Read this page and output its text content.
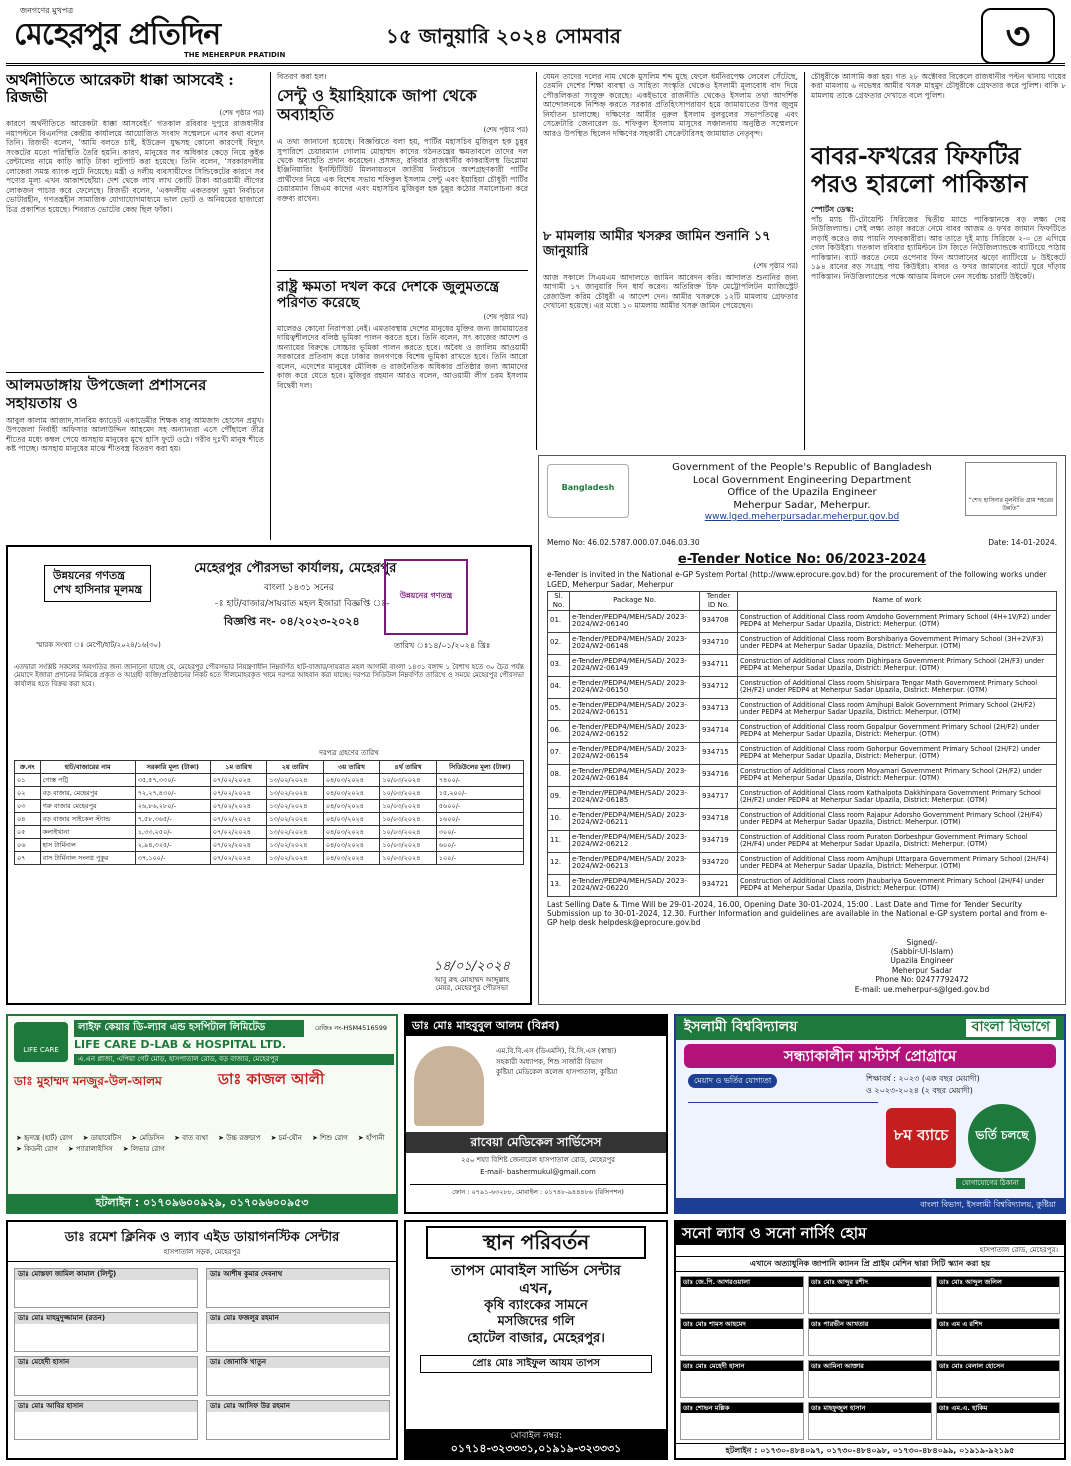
জনগণের মুখপত্র
মেহেরপুর প্রতিদিন
THE MEHERPUR PRATIDIN
১৫ জানুয়ারি ২০২৪ সোমবার	৩
অর্থনীতিতে আরেকটা ধাক্কা আসবেই : রিজভী
(শেষ পৃষ্ঠার পর)
কারণে অর্থনীতিতে আরেকটা ধাক্কা আসবেই।’ গতকাল রবিবার দুপুরে রাজধানীর নয়াপল্টনে বিএনপির কেন্দ্রীয় কার্যালয়ে আয়োজিত সংবাদ সম্মেলনে এসব কথা বলেন তিনি। রিজভী বলেন, ‘আমি বলতে চাই, ইউক্রেন যুদ্ধসহ কোনো কারণেই বিদ্যুৎ সংকটের মতো পরিস্থিতি তৈরি হয়নি। কারণ, মানুষের সব অধিকার কেড়ে নিয়ে কুইক রেন্টালের নামে কাড়ি কাড়ি টাকা লুটপাট করা হয়েছে। তিনি বলেন, ‘সরকারদলীয় লোকেরা সমস্ত ব্যাংক লুটে নিয়েছে। মন্ত্রী ও দলীয় ব্যবসায়ীদের সিন্ডিকেটের কারণে সব পণ্যের মূল্য এখন আকাশছোঁয়া। দেশ থেকে লাখ লাখ কোটি টাকা আওয়ামী লীগের লোকজন পাচার করে ফেলেছে। রিজভী বলেন, ‘একদলীয় একতরফা ভুয়া নির্বাচনে ভোটারহীন, গণতন্ত্রহীন সামাজিক যোগাযোগমাধ্যমে ভাল ভোট ও অনিয়মের হাজারো চিত্র প্রকাশিত হয়েছে। শিবরাত ভোটের কেন্দ্র ছিল ফাঁকা।
আলমডাঙ্গায় উপজেলা প্রশাসনের সহায়তায় ও
আবুল কালাম আজাদ,সানবিম ক্যাডেট একাডেমীর শিক্ষক বাবু আমজাদ হোসেন প্রমুখ। উপজেলা নির্বাহী অফিসার আলাউদ্দিন আহমেদ সহ অন্যান্যরা এসে পৌঁছালে তীব্র শীতের মধ্যে কম্বল পেয়ে অসহায় মানুষের মুখে হাসি ফুটে ওঠে। গরীব দুঃখী মানুষ শীতে কষ্ট পাচ্ছে। অসহায় মানুষের মাঝে শীতবস্ত্র বিতরণ করা হয়।
বিতরণ করা হল।
সেন্টু ও ইয়াহিয়াকে জাপা থেকে অব্যাহতি
(শেষ পৃষ্ঠার পর)
এ তথ্য জানানো হয়েছে। বিজ্ঞপ্তিতে বলা হয়, পার্টির মহাসচিব মুজিবুল হক চুন্নুর সুপারিশে চেয়ারম্যান গোলাম মোহাম্মদ কাদের গঠনতন্ত্রের ক্ষমতাবলে তাদের দল থেকে অব্যাহতি প্রদান করেছেন। প্রসঙ্গত, রবিবার রাজধানীর কাকরাইলস্থ ডিপ্লোমা ইঞ্জিনিয়ারিং ইনস্টিটিউট মিলনায়তনে জাতীয় নির্বাচনে অংশগ্রহণকারী পার্টির প্রার্থীদের নিয়ে এক বিশেষ সভায় শফিকুল ইসলাম সেন্টু এবং ইয়াহিয়া চৌধুরী পার্টির চেয়ারম্যান জিএম কাদের এবং মহাসচিব মুজিবুল হক চুন্নুর কঠোর সমালোচনা করে বক্তব্য রাখেন।
রাষ্ট্র ক্ষমতা দখল করে দেশকে জুলুমতন্ত্রে পরিণত করেছে
(শেষ পৃষ্ঠার পর)
মালেরও কোনো নিরাপত্তা নেই। এমতাবস্থায় দেশের মানুষের মুক্তির জন্য জামায়াতের দায়িত্বশীলদের বলিষ্ঠ ভূমিকা পালন করতে হবে। তিনি বলেন, সৎ কাজের আদেশ ও অন্যায়ের বিরুদ্ধে সোচ্চার ভূমিকা পালন করতে হবে। অবৈধ ও জালিম আওয়ামী সরকারের প্রতিবাদ করে ঢাকার জনগণকে বিশেষ ভূমিকা রাখতে হবে। তিনি আরো বলেন, এদেশের মানুষের মৌলিক ও রাজনৈতিক অধিকার প্রতিষ্ঠার জন্য আমাদের কাজ করে যেতে হবে। মুজিবুর রহমান আরও বলেন, আওয়ামী লীগ চরম ইসলাম বিদ্বেষী দল।
যেমন তাদের দলের নাম থেকে মুসলিম শব্দ মুছে ফেলে ধর্মনিরপেক্ষ লেবেল সেঁটেছে, তেমনি দেশের শিক্ষা ব্যবস্থা ও সাহিত্য সংস্কৃতি থেকেও ইসলামী মূল্যবোধ বাদ দিয়ে পৌত্তলিকতা সংযুক্ত করেছে। একইভাবে রাজনীতি থেকেও ইসলাম তথা আদর্শিক আন্দোলনকে নিশ্চিহ্ন করতে সরকার প্রতিহিংসাপরায়ণ হয়ে জামায়াতের উপর জুলুম নির্যাতন চালাচ্ছে। দক্ষিণের আমীর নুরুল ইসলাম বুলবুলের সভাপতিত্বে এবং সেক্রেটারি জেনারেল ড. শফিকুল ইসলাম মাসুদের সঞ্চালনায় অনুষ্ঠিত সম্মেলনে আরও উপস্থিত ছিলেন দক্ষিণের সহকারী সেক্রেটারিসহ জামায়াত নেতৃবৃন্দ।
৮ মামলায় আমীর খসরুর জামিন শুনানি ১৭ জানুয়ারি
(শেষ পৃষ্ঠার পর)
আজ সকালে সিএমএম আদালতে জামিন আবেদন করি। আদালত শুনানির জন্য আগামী ১৭ জানুয়ারি দিন ধার্য করেন। অতিরিক্ত চিফ মেট্রোপলিটন ম্যাজিস্ট্রেট রেজাউল করিম চৌধুরী এ আদেশ দেন। আমীর খসরুকে ১২টি মামলায় গ্রেফতার দেখানো হয়েছে। এর মধ্যে ১০ মামলায় আমীর খসরু জামিন পেয়েছেন।
চৌধুরীকে আসামি করা হয়। গত ২৮ অক্টোবর বিকেলে রাজধানীর পল্টন থানায় দায়ের করা মামলায় ৬ নভেম্বর আমীর খসরু মাহমুদ চৌধুরীকে গ্রেফতার করে পুলিশ। বাকি ৮ মামলায় তাকে গ্রেফতার দেখাতে বলে পুলিশ।
বাবর-ফখরের ফিফটির পরও হারলো পাকিস্তান
স্পোর্টস ডেস্ক:
পাঁচ ম্যাচ টি-টোয়েন্টি সিরিজের দ্বিতীয় ম্যাচে পাকিস্তানকে বড় লক্ষ্য দেয় নিউজিল্যান্ড। সেই লক্ষ্য তাড়া করতে নেমে বাবর আজম ও ফখর জামান ফিফটিতে লড়াই করেও জয় পায়নি সফরকারীরা। আর তাতে দুই ম্যাচ সিরিজে ২-০ তে এগিয়ে গেল কিউইরা। গতকাল রবিবার হ্যামিল্টনে টস জিতে নিউজিল্যান্ডকে ব্যাটিংয়ে পাঠায় পাকিস্তান। ব্যাট করতে নেমে ওপেনার ফিন অ্যালানের ঝড়ো ব্যাটিংয়ে ৮ উইকেটে ১৯৪ রানের বড় সংগ্রহ পায় কিউইরা। বাবর ও ফখর জামানের ব্যাটে ঘুরে দাঁড়ায় পাকিস্তান। নিউজিল্যান্ডের পক্ষে আডাম মিলনে নেন সর্বোচ্চ চারটি উইকেট।
উন্নয়নের গণতন্ত্র
শেখ হাসিনার মূলমন্ত্র
মেহেরপুর পৌরসভা কার্যালয়, মেহেরপুর
বাংলা ১৪৩১ সনের
-ঃ হাট/বাজার/সায়রাত মহল ইজারা বিজ্ঞপ্তি ঃ-
বিজ্ঞপ্তি নং- ০৪/২০২৩-২০২৪
উন্নয়নের গণতন্ত্র
স্মারক সংখ্যা ঃ মেপৌ/হাট/২০২৪/১৬(৩০)	তারিখ ঃ১৪/০১/২০২৪ খ্রিঃ
এতদ্বারা সংশ্লিষ্ট সকলের অবগতির জন্য জানানো যাচ্ছে যে, মেহেরপুর পৌরসভার নিয়ন্ত্রণাধীন নিম্নবর্ণিত হাট-বাজার/সায়রাত মহল আগামী বাংলা ১৪৩১ বঙ্গাব্দ ১ বৈশাখ হতে ৩০ চৈত্র পর্যন্ত মেয়াদে ইজারা প্রদানের নিমিত্তে প্রকৃত ও আগ্রহী ব্যক্তি/প্রতিষ্ঠানের নিকট হতে সীলমোহরকৃত খামে দরপত্র আহবান করা যাচ্ছে। দরপত্র সিডিউল নিম্নবর্ণিত তারিখে ও সময়ে মেহেরপুর পৌরসভা কার্যালয় হতে বিক্রয় করা হবে।
দরপত্র গ্রহণের তারিখ
ক্র.নং	হাট/বাজারের নাম	সরকারি মূল্য (টাকা)	১ম তারিখ	২য় তারিখ	৩য় তারিখ	৪র্থ তারিখ	সিডিউলের মূল্য (টাকা)
০১	গোস্ত পট্টি	৩৫,৫৭,৩৩০/-	০৭/০২/২০২৪	১৩/০২/২০২৪	০৪/০৩/২০২৪	১০/০৩/২০২৪	৭৪০০/-
০২	বড় বাজার, মেহেরপুর	৭২,২৭,৪৩০/-	০৭/০২/২০২৪	১৩/০২/২০২৪	০৪/০৩/২০২৪	১০/০৩/২০২৪	১৫,২০০/-
০৩	গরু বাজার মেহেরপুর	২৬,৮৬,২৮০/-	০৭/০২/২০২৪	১৩/০২/২০২৪	০৪/০৩/২০২৪	১০/০৩/২০২৪	৫৬০০/-
০৪	বড় বাজার সাইকেল স্ট্যান্ড	৭,৫৮,৩৬৫/-	০৭/০২/২০২৪	১৩/০২/২০২৪	০৪/০৩/২০২৪	১০/০৩/২০২৪	১৬০০/-
০৫	কলাইখানা	১,৩৩,২৫০/-	০৭/০২/২০২৪	১৩/০২/২০২৪	০৪/০৩/২০২৪	১০/০৩/২০২৪	৩০০/-
০৬	হাস টার্মিনাল	২,৯৪,৩২৫/-	০৭/০২/২০২৪	১৩/০২/২০২৪	০৪/০৩/২০২৪	১০/০৩/২০২৪	৬০০/-
০৭	বাস টার্মিনাল সংলগ্ন পুকুর	৩৭,১০০/-	০৭/০২/২০২৪	১৩/০২/২০২৪	০৪/০৩/২০২৪	১০/০৩/২০২৪	১০০/-
১৪/০১/২০২৪
আবু রুহ মোহাম্মদ আব্দুল্লাহ
মেয়র, মেহেরপুর পৌরসভা
Bangladesh
Government of the People's Republic of Bangladesh
Local Government Engineering Department
Office of the Upazila Engineer
Meherpur Sadar, Meherpur.
www.lged.meherpursadar.meherpur.gov.bd
“শেখ হাসিনার মূলনীতি গ্রাম শহরের উন্নতি”
Memo No: 46.02.5787.000.07.046.03.30	Date: 14-01-2024.
e-Tender Notice No: 06/2023-2024
e-Tender is invited in the National e-GP System Portal (http://www.eprocure.gov.bd) for the procurement of the following works under LGED, Meherpur Sadar, Meherpur
Sl. No.	Package No.	Tender ID No.	Name of work
01.	e-Tender/PEDP4/MEH/SAD/ 2023-2024/W2-06140	934708	Construction of Additional Class room Amdoho Government Primary School (4H+1V/F2) under PEDP4 at Meherpur Sadar Upazila, District: Meherpur. (OTM)
02.	e-Tender/PEDP4/MEH/SAD/ 2023-2024/W2-06148	934710	Construction of Additional Class room Borshibariya Government Primary School (3H+2V/F3) under PEDP4 at Meherpur Sadar Upazila, District: Meherpur. (OTM)
03.	e-Tender/PEDP4/MEH/SAD/ 2023-2024/W2-06149	934711	Construction of Additional Class room Dighirpara Government Primary School (2H/F3) under PEDP4 at Meherpur Sadar Upazila, District: Meherpur. (OTM)
04.	e-Tender/PEDP4/MEH/SAD/ 2023-2024/W2-06150	934712	Construction of Additional Class room Shisirpara Tengar Math Government Primary School (2H/F2) under PEDP4 at Meherpur Sadar Upazila, District: Meherpur. (OTM)
05.	e-Tender/PEDP4/MEH/SAD/ 2023-2024/W2-06151	934713	Construction of Additional Class room Amjhupi Balok Government Primary School (2H/F2) under PEDP4 at Meherpur Sadar Upazila, District: Meherpur. (OTM)
06.	e-Tender/PEDP4/MEH/SAD/ 2023-2024/W2-06152	934714	Construction of Additional Class room Gopalpur Government Primary School (2H/F2) under PEDP4 at Meherpur Sadar Upazila, District: Meherpur. (OTM)
07.	e-Tender/PEDP4/MEH/SAD/ 2023-2024/W2-06154	934715	Construction of Additional Class room Gohorpur Government Primary School (2H/F2) under PEDP4 at Meherpur Sadar Upazila, District: Meherpur. (OTM)
08.	e-Tender/PEDP4/MEH/SAD/ 2023-2024/W2-06184	934716	Construction of Additional Class room Moyamari Government Primary School (2H/F2) under PEDP4 at Meherpur Sadar Upazila, District: Meherpur. (OTM)
09.	e-Tender/PEDP4/MEH/SAD/ 2023-2024/W2-06185	934717	Construction of Additional Class room Kathalpota Dakkhinpara Government Primary School (2H/F2) under PEDP4 at Meherpur Sadar Upazila, District: Meherpur. (OTM)
10.	e-Tender/PEDP4/MEH/SAD/ 2023-2024/W2-06211	934718	Construction of Additional Class room Rajapur Adorsho Government Primary School (2H/F4) under PEDP4 at Meherpur Sadar Upazila, District: Meherpur. (OTM)
11.	e-Tender/PEDP4/MEH/SAD/ 2023-2024/W2-06212	934719	Construction of Additional Class room Puraton Dorbeshpur Government Primary School (2H/F4) under PEDP4 at Meherpur Sadar Upazila, District: Meherpur. (OTM)
12.	e-Tender/PEDP4/MEH/SAD/ 2023-2024/W2-06213	934720	Construction of Additional Class room Amjhupi Uttarpara Government Primary School (2H/F4) under PEDP4 at Meherpur Sadar Upazila, District: Meherpur. (OTM)
13.	e-Tender/PEDP4/MEH/SAD/ 2023-2024/W2-06220	934721	Construction of Additional Class room Jhaubariya Government Primary School (2H/F4) under PEDP4 at Meherpur Sadar Upazila, District: Meherpur. (OTM)
Last Selling Date & Time Will be 29-01-2024, 16.00, Opening Date 30-01-2024, 15:00 . Last Date and Time for Tender Security Submission up to 30-01-2024, 12.30. Further Information and guidelines are available in the National e-GP system portal and from e-GP help desk helpdesk@eprocure.gov.bd
Signed/-
(Sabbir-Ul-Islam)
Upazila Engineer
Meherpur Sadar
Phone No: 02477792472
E-mail: ue.meherpur-s@lged.gov.bd
LIFE CARE
লাইফ কেয়ার ডি-ল্যাব এন্ড হসপিটাল লিমিটেড
LIFE CARE D-LAB & HOSPITAL LTD.
রেজিঃ নং-HSM4516599
এ.এন প্লাজা, এপিয়া গেট মোড়, হাসপাতাল রোড, বড় বাজার, মেহেরপুর
ডাঃ মুহাম্মদ মনজুর-উল-আলম	ডাঃ কাজল আলী
➤ হৃদ্যন্ত্র (হার্ট) রোগ ➤ ডায়াবেটিস ➤ মেডিসিন ➤ বাত ব্যথা ➤ উচ্চ রক্তচাপ ➤ চর্ম-যৌন ➤ শিশু রোগ ➤ হাঁপানী
➤ কিডনী রোগ ➤ প্যারালাইসিস ➤ লিভার রোগ
হটলাইন : ০১৭০৯৬০০৯২৯, ০১৭০৯৬০০৯৫৩
ডাঃ মোঃ মাহবুবুল আলম (বিপ্লব)
এম.বি.বি.এস (ডিএমসি), বি.সি.এস (স্বাস্থ্য)
সহকারী অধ্যাপক, শিশু সার্জারী বিভাগ
কুষ্টিয়া মেডিকেল কলেজ হাসপাতাল, কুষ্টিয়া
রাবেয়া মেডিকেল সার্ভিসেস
২৫০ শয্যা বিশিষ্ট জেনারেল হাসপাতাল রোড, মেহেরপুর
E-mail- bashermukul@gmail.com
ফোন : ০৭৯১-৬৩২৮৮, মোবাইল : ০১৭৪৮-৯৪৪৪৮৬ (রিসিপশন)
ইসলামী বিশ্ববিদ্যালয়	বাংলা বিভাগে
সন্ধ্যাকালীন মাস্টার্স প্রোগ্রামে
মেয়াদ ও ভর্তির যোগ্যতা	শিক্ষাবর্ষ : ২০২৩ (এক বছর মেয়াদী)
ও ২০২৩-২০২৪ (২ বছর মেয়াদী)
৮ম ব্যাচে	ভর্তি চলছে
যোগাযোগের ঠিকানা
বাংলা বিভাগ, ইসলামী বিশ্ববিদ্যালয়, কুষ্টিয়া
ডাঃ রমেশ ক্লিনিক ও ল্যাব এইড ডায়াগনস্টিক সেন্টার
হাসপাতাল সড়ক, মেহেরপুর
ডাঃ মোস্তফা জামিল কামাল (লিন্টু)	ডাঃ আশীষ কুমার দেবনাথ
ডাঃ মোঃ মাহমুদুজ্জামান (রতন)	ডাঃ মোঃ ফজলুর রহমান
ডাঃ মেহেদী হাসান	ডাঃ জোনাকি খাতুন
ডাঃ মোঃ আবির হাসান	ডাঃ মোঃ আসিফ উর রহমান
স্থান পরিবর্তন
তাপস মোবাইল সার্ভিস সেন্টার
এখন,
কৃষি ব্যাংকের সামনে
মসজিদের গলি
হোটেল বাজার, মেহেরপুর।
প্রোঃ মোঃ সাইফুল আযম তাপস
মোবাইল নম্বর:
০১৭১৪-৩২৩৩৩১,০১৯১৯-৩২৩৩৩১
সনো ল্যাব ও সনো নার্সিং হোম
হাসপাতাল রোড, মেহেরপুর।
এখানে অত্যাধুনিক জাপানি ক্যানন প্রি প্রাইম মেশিন দ্বারা সিটি স্ক্যান করা হয়
ডাঃ জে.পি. আগরওয়ালা	ডাঃ মোঃ আব্দুর রশীদ	ডাঃ মোঃ আব্দুল জলিল
ডাঃ মোঃ শামস আহমেদ	ডাঃ পারভীন আখতার	ডাঃ এম এ রশিদ
ডাঃ মোঃ মেহেদী হাসান	ডাঃ আমিনা আক্তার	ডাঃ মোঃ বেলাল হোসেন
ডাঃ শোভন মল্লিক	ডাঃ মাহফুজুল হাসান	ডাঃ এম.এ. হাকিম
হটলাইন : ০১৭৩০-৪৮৪০৯৭, ০১৭৩০-৪৮৪০৯৮, ০১৭৩০-৪৮৪০৯৯, ০১৯১৯-৯২১৯৫
